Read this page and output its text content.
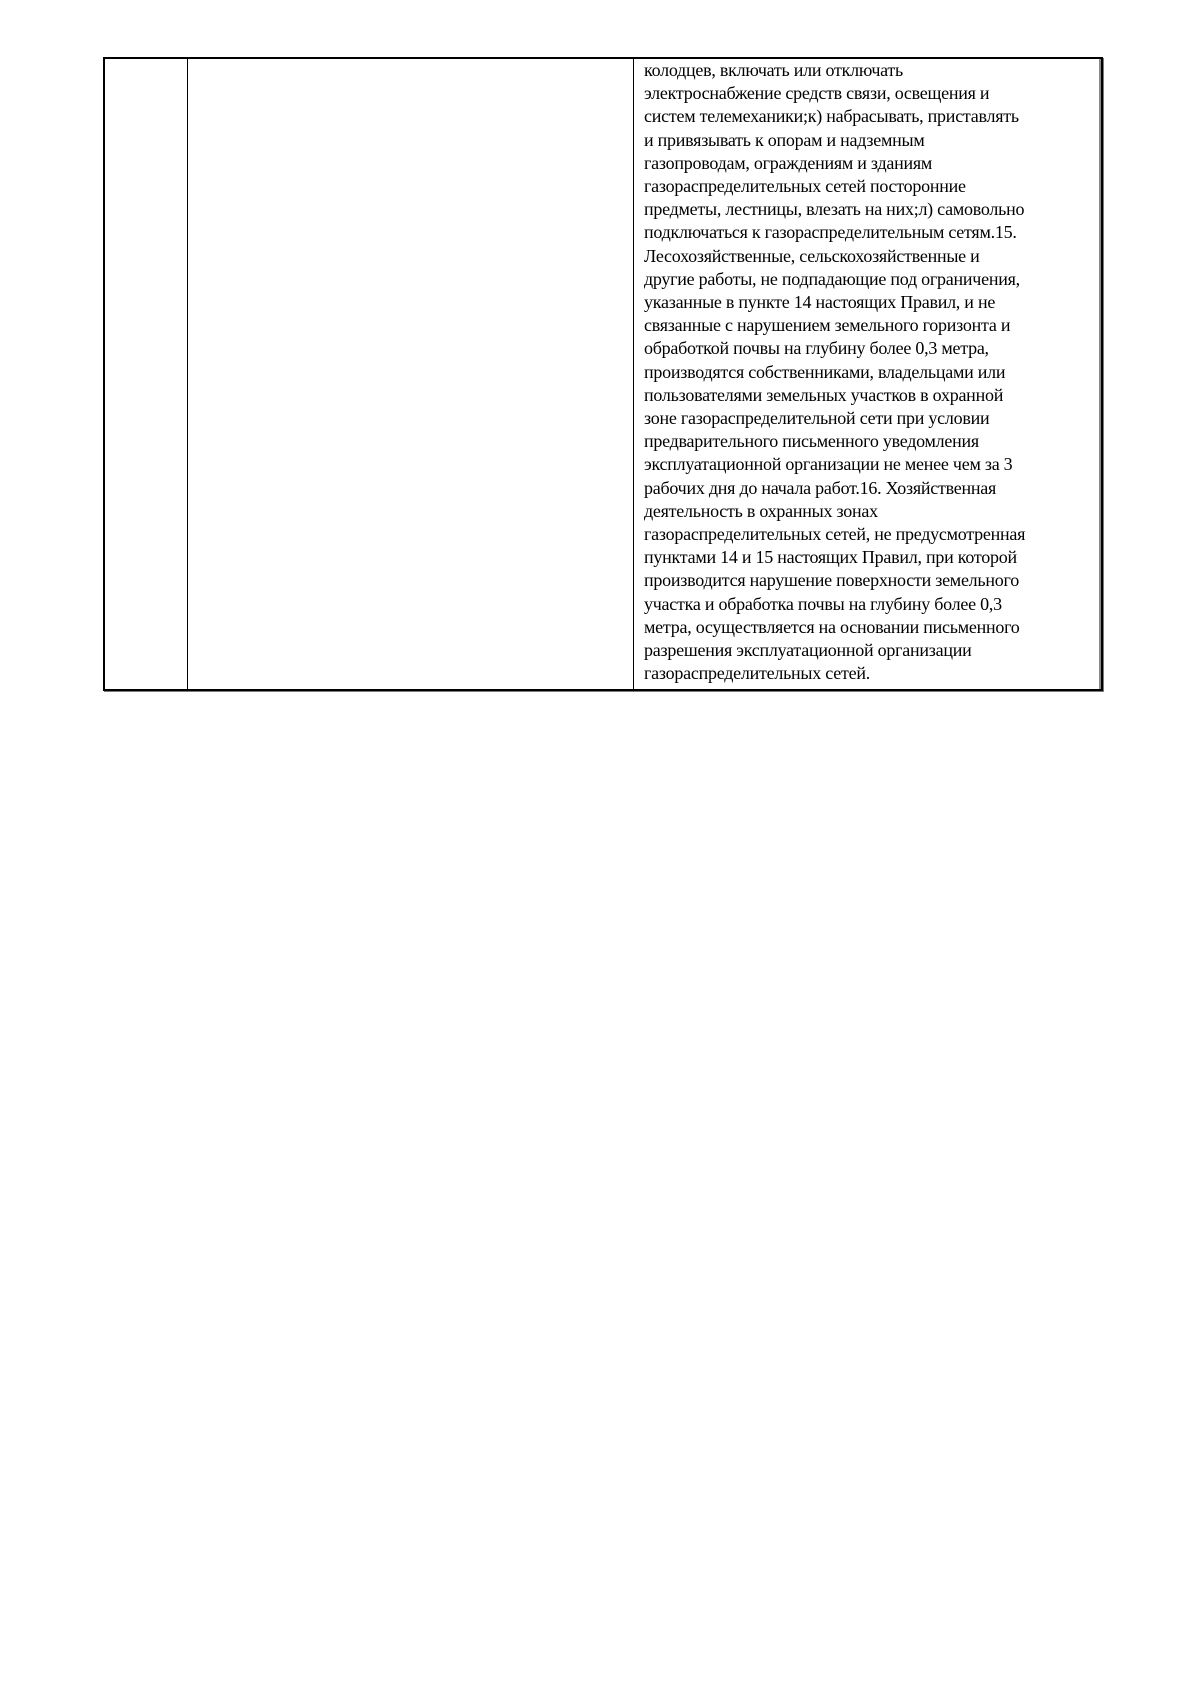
колодцев, включать или отключать
электроснабжение средств связи, освещения и
систем телемеханики;к) набрасывать, приставлять
и привязывать к опорам и надземным
газопроводам, ограждениям и зданиям
газораспределительных сетей посторонние
предметы, лестницы, влезать на них;л) самовольно
подключаться к газораспределительным сетям.15.
Лесохозяйственные, сельскохозяйственные и
другие работы, не подпадающие под ограничения,
указанные в пункте 14 настоящих Правил, и не
связанные с нарушением земельного горизонта и
обработкой почвы на глубину более 0,3 метра,
производятся собственниками, владельцами или
пользователями земельных участков в охранной
зоне газораспределительной сети при условии
предварительного письменного уведомления
эксплуатационной организации не менее чем за 3
рабочих дня до начала работ.16. Хозяйственная
деятельность в охранных зонах
газораспределительных сетей, не предусмотренная
пунктами 14 и 15 настоящих Правил, при которой
производится нарушение поверхности земельного
участка и обработка почвы на глубину более 0,3
метра, осуществляется на основании письменного
разрешения эксплуатационной организации
газораспределительных сетей.
